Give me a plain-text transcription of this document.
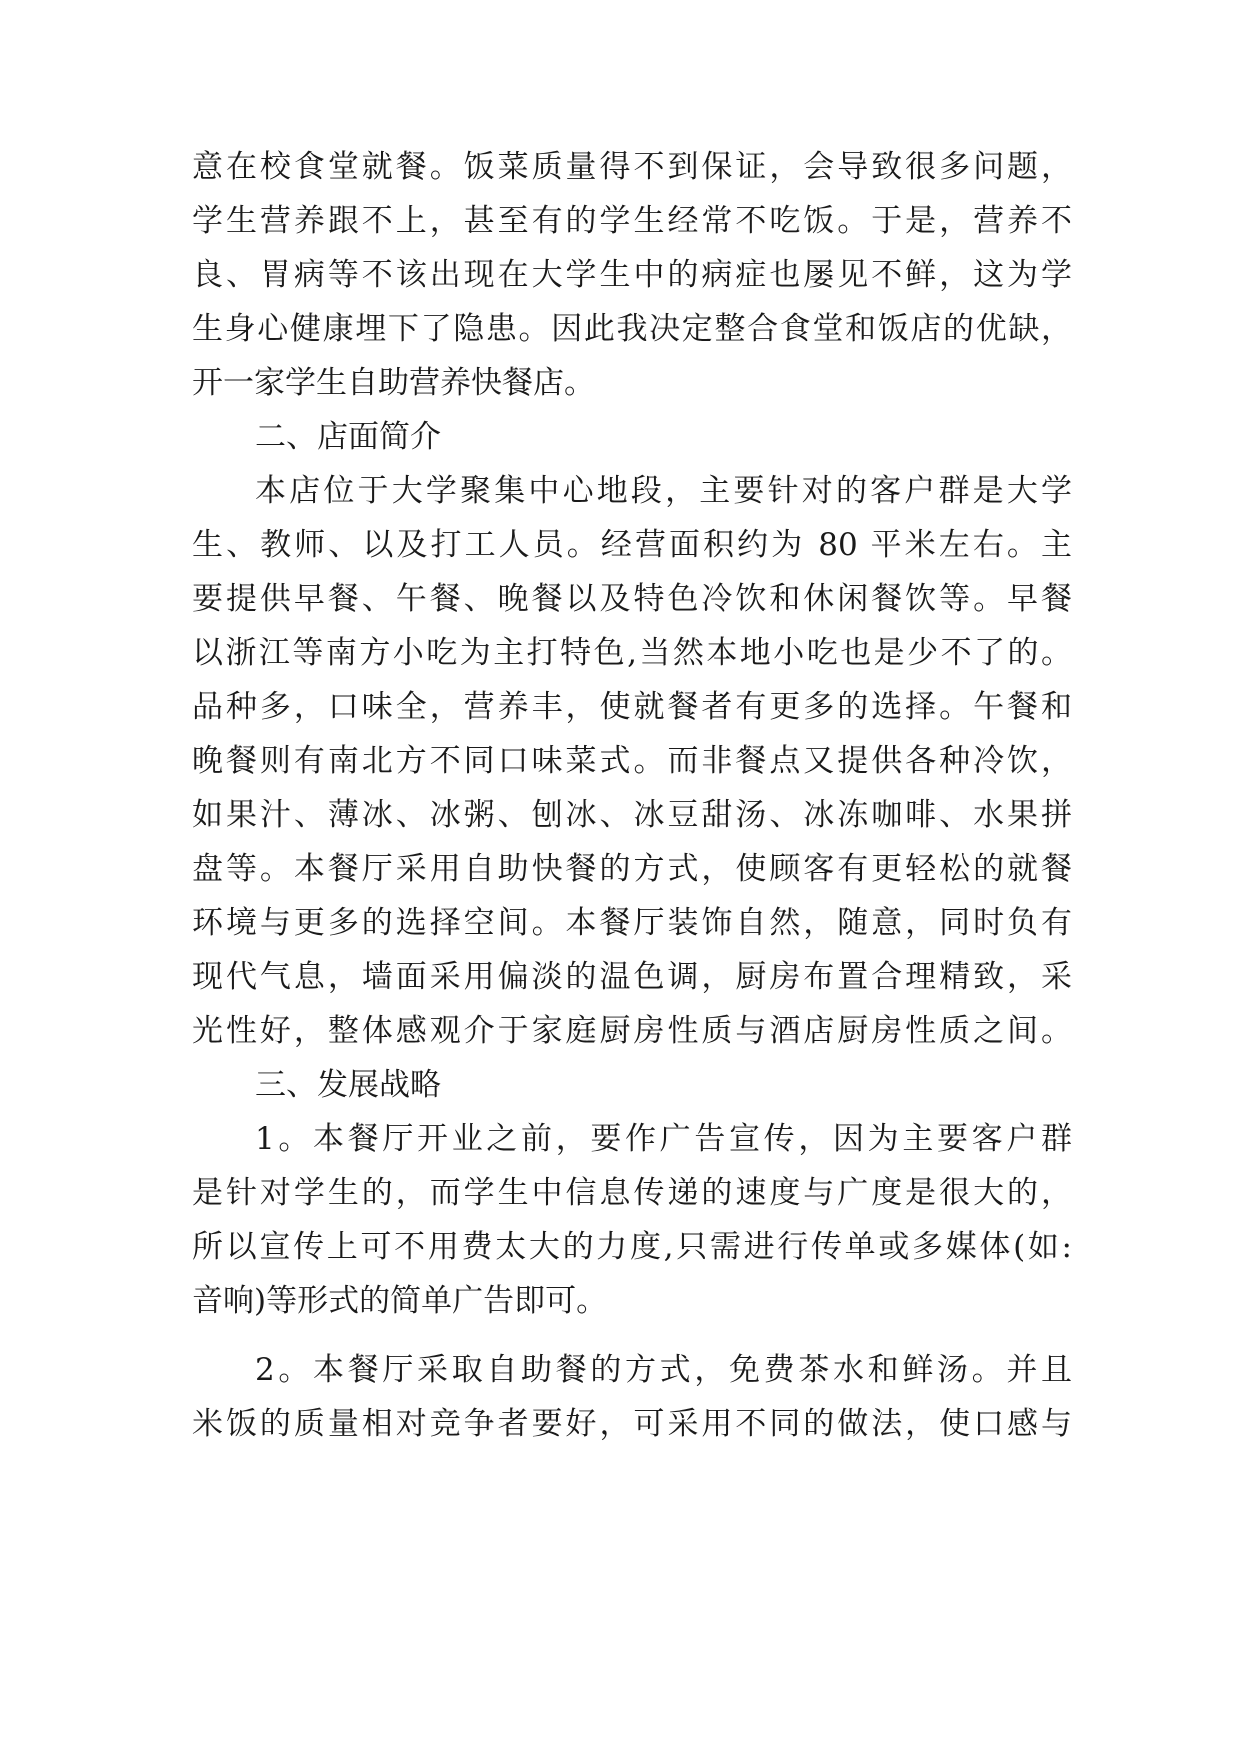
意在校食堂就餐。饭菜质量得不到保证，会导致很多问题，
学生营养跟不上，甚至有的学生经常不吃饭。于是，营养不
良、胃病等不该出现在大学生中的病症也屡见不鲜，这为学
生身心健康埋下了隐患。因此我决定整合食堂和饭店的优缺，
开一家学生自助营养快餐店。
二、店面简介
本店位于大学聚集中心地段，主要针对的客户群是大学
生、教师、以及打工人员。经营面积约为 80 平米左右。主
要提供早餐、午餐、晚餐以及特色冷饮和休闲餐饮等。早餐
以浙江等南方小吃为主打特色,当然本地小吃也是少不了的。
品种多，口味全，营养丰，使就餐者有更多的选择。午餐和
晚餐则有南北方不同口味菜式。而非餐点又提供各种冷饮，
如果汁、薄冰、冰粥、刨冰、冰豆甜汤、冰冻咖啡、水果拼
盘等。本餐厅采用自助快餐的方式，使顾客有更轻松的就餐
环境与更多的选择空间。本餐厅装饰自然，随意，同时负有
现代气息，墙面采用偏淡的温色调，厨房布置合理精致，采
光性好，整体感观介于家庭厨房性质与酒店厨房性质之间。
三、发展战略
1。本餐厅开业之前，要作广告宣传，因为主要客户群
是针对学生的，而学生中信息传递的速度与广度是很大的，
所以宣传上可不用费太大的力度,只需进行传单或多媒体(如:
音响)等形式的简单广告即可。
2。本餐厅采取自助餐的方式，免费茶水和鲜汤。并且
米饭的质量相对竞争者要好，可采用不同的做法，使口感与
